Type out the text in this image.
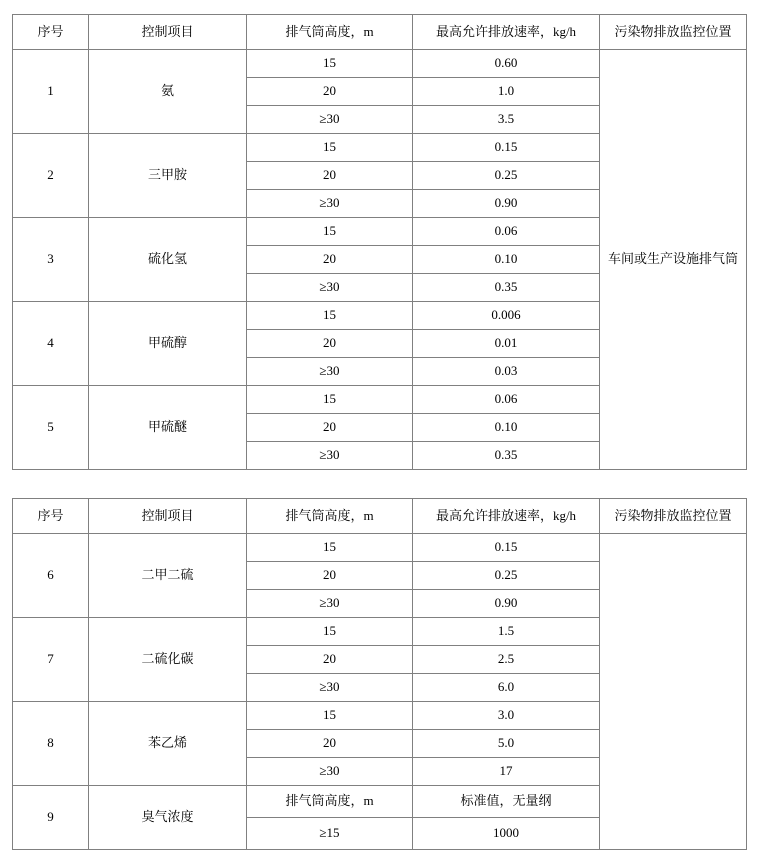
序号	控制项目	排气筒高度，m	最高允许排放速率，kg/h	污染物排放监控位置
1	氨	15	0.60	车间或生产设施排气筒
		20	1.0	
		≥30	3.5	
2	三甲胺	15	0.15	
		20	0.25	
		≥30	0.90	
3	硫化氢	15	0.06	
		20	0.10	
		≥30	0.35	
4	甲硫醇	15	0.006	
		20	0.01	
		≥30	0.03	
5	甲硫醚	15	0.06	
		20	0.10	
		≥30	0.35	
序号	控制项目	排气筒高度，m	最高允许排放速率，kg/h	污染物排放监控位置
6	二甲二硫	15	0.15	
		20	0.25	
		≥30	0.90	
7	二硫化碳	15	1.5	
		20	2.5	
		≥30	6.0	
8	苯乙烯	15	3.0	
		20	5.0	
		≥30	17	
9	臭气浓度	排气筒高度，m	标准值，无量纲	
		≥15	1000	
